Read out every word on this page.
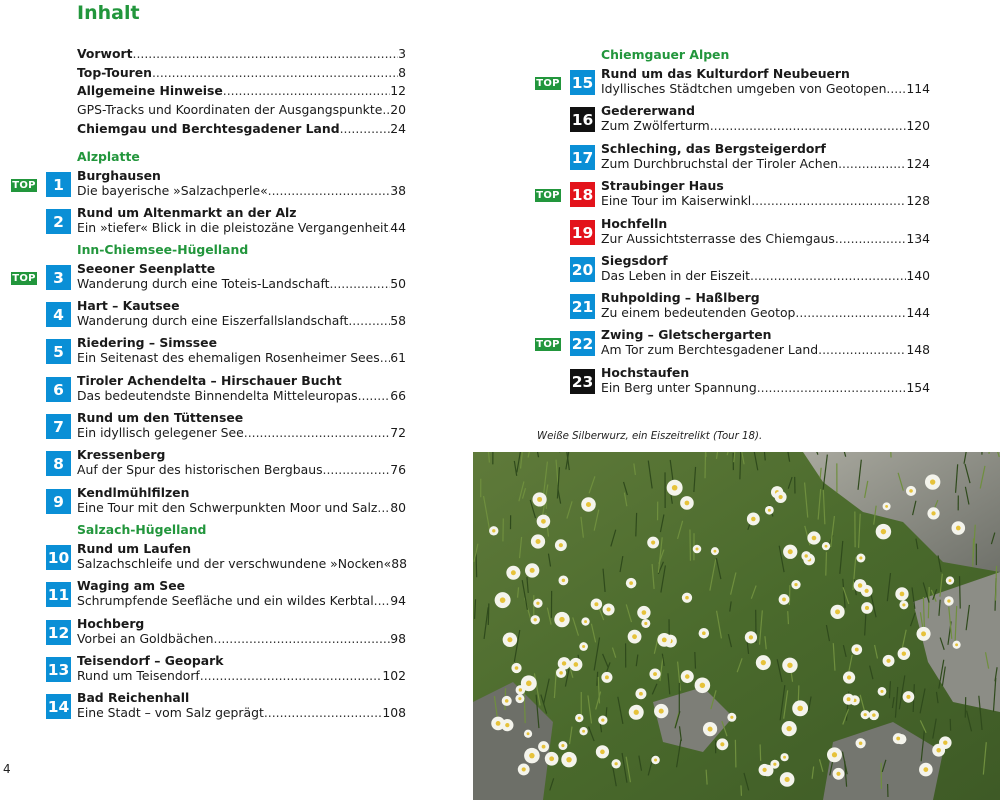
Inhalt
Vorwort .....	3
Top-Touren .....	8
Allgemeine Hinweise .....	12
GPS-Tracks und Koordinaten der Ausgangspunkte ..... 20
Chiemgau und Berchtesgadener Land .....	24
Alzplatte
Inn-Chiemsee-Hügelland
Salzach-Hügelland
Chiemgauer Alpen
TOP	1	Burghausen
Die bayerische »Salzachperle« .....	38
2	Rund um Altenmarkt an der Alz
Ein »tiefer« Blick in die pleistozäne Vergangenheit ..... 44
TOP	3	Seeoner Seenplatte
Wanderung durch eine Toteis-Landschaft .....	50
4	Hart – Kautsee
Wanderung durch eine Eiszerfallslandschaft .....	58
5	Riedering – Simssee
Ein Seitenast des ehemaligen Rosenheimer Sees ..... 61
6	Tiroler Achendelta – Hirschauer Bucht
Das bedeutendste Binnendelta Mitteleuropas .....	66
7	Rund um den Tüttensee
Ein idyllisch gelegener See .....	72
8	Kressenberg
Auf der Spur des historischen Bergbaus .....	76
9	Kendlmühlfilzen
Eine Tour mit den Schwerpunkten Moor und Salz ..... 80
10 Rund um Laufen
Salzachschleife und der verschwundene »Nocken« 88
11 Waging am See
Schrumpfende Seefläche und ein wildes Kerbtal ..... 94
12 Hochberg
Vorbei an Goldbächen .....	98
13 Teisendorf – Geopark
Rund um Teisendorf .....	102
14 Bad Reichenhall
Eine Stadt – vom Salz geprägt .....	108
TOP 15 Rund um das Kulturdorf Neubeuern
Idyllisches Städtchen umgeben von Geotopen ..... 114
16 Gedererwand
Zum Zwölferturm .....	120
17 Schleching, das Bergsteigerdorf
Zum Durchbruchstal der Tiroler Achen .....	124
TOP 18 Straubinger Haus
Eine Tour im Kaiserwinkl .....	128
19 Hochfelln
Zur Aussichtsterrasse des Chiemgaus .....	134
20 Siegsdorf
Das Leben in der Eiszeit .....	140
21 Ruhpolding – Haßlberg
Zu einem bedeutenden Geotop .....	144
TOP 22 Zwing – Gletschergarten
Am Tor zum Berchtesgadener Land .....	148
23 Hochstaufen
Ein Berg unter Spannung .....	154
Weiße Silberwurz, ein Eiszeitrelikt (Tour 18).
4
